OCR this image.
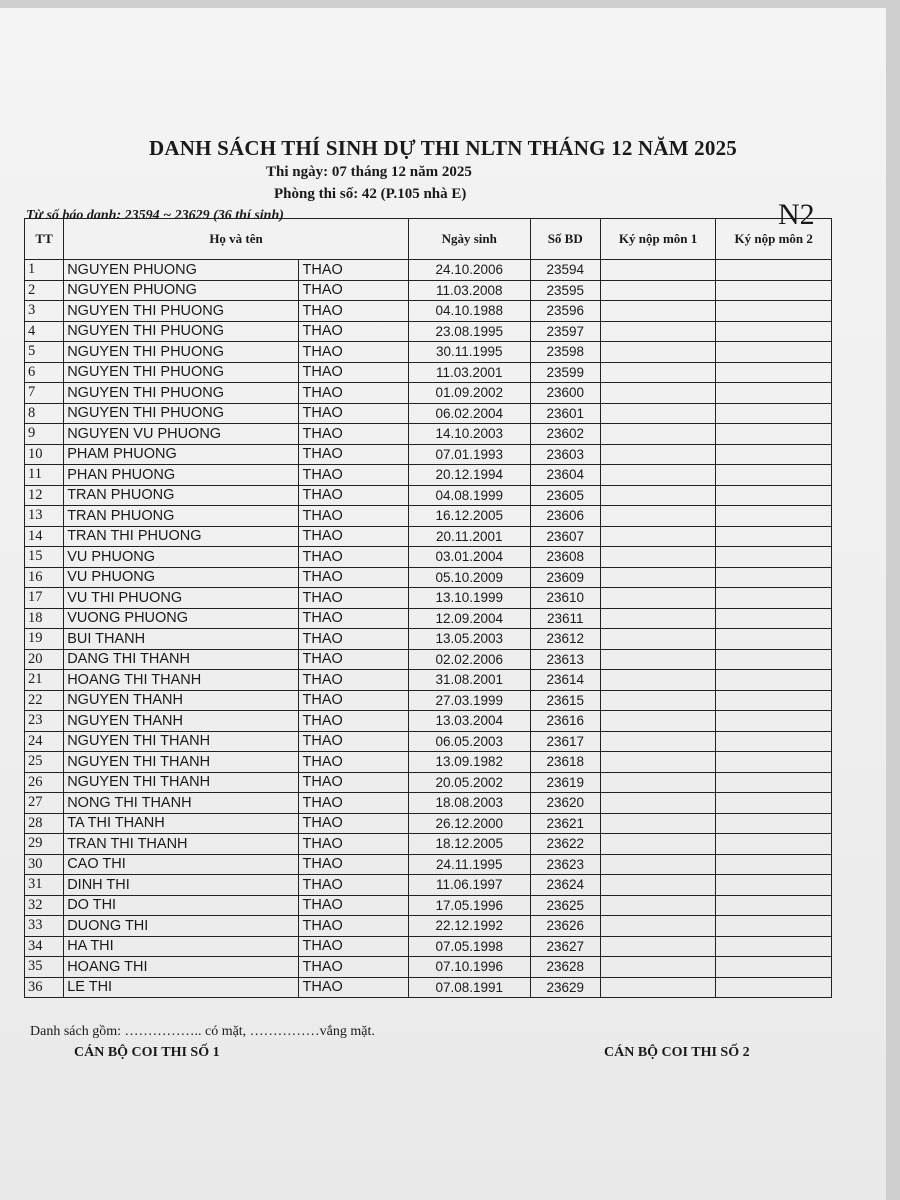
DANH SÁCH THÍ SINH DỰ THI NLTN THÁNG 12 NĂM 2025
Thi ngày: 07 tháng 12 năm 2025
Phòng thi số: 42 (P.105 nhà E)
Từ số báo danh: 23594 ~ 23629 (36 thí sinh)	N2
TT	Họ và tên		Ngày sinh	Số BD	Ký nộp môn 1	Ký nộp môn 2
1	NGUYEN PHUONG	THAO	24.10.2006	23594		
2	NGUYEN PHUONG	THAO	11.03.2008	23595		
3	NGUYEN THI PHUONG	THAO	04.10.1988	23596		
4	NGUYEN THI PHUONG	THAO	23.08.1995	23597		
5	NGUYEN THI PHUONG	THAO	30.11.1995	23598		
6	NGUYEN THI PHUONG	THAO	11.03.2001	23599		
7	NGUYEN THI PHUONG	THAO	01.09.2002	23600		
8	NGUYEN THI PHUONG	THAO	06.02.2004	23601		
9	NGUYEN VU PHUONG	THAO	14.10.2003	23602		
10	PHAM PHUONG	THAO	07.01.1993	23603		
11	PHAN PHUONG	THAO	20.12.1994	23604		
12	TRAN PHUONG	THAO	04.08.1999	23605		
13	TRAN PHUONG	THAO	16.12.2005	23606		
14	TRAN THI PHUONG	THAO	20.11.2001	23607		
15	VU PHUONG	THAO	03.01.2004	23608		
16	VU PHUONG	THAO	05.10.2009	23609		
17	VU THI PHUONG	THAO	13.10.1999	23610		
18	VUONG PHUONG	THAO	12.09.2004	23611		
19	BUI THANH	THAO	13.05.2003	23612		
20	DANG THI THANH	THAO	02.02.2006	23613		
21	HOANG THI THANH	THAO	31.08.2001	23614		
22	NGUYEN THANH	THAO	27.03.1999	23615		
23	NGUYEN THANH	THAO	13.03.2004	23616		
24	NGUYEN THI THANH	THAO	06.05.2003	23617		
25	NGUYEN THI THANH	THAO	13.09.1982	23618		
26	NGUYEN THI THANH	THAO	20.05.2002	23619		
27	NONG THI THANH	THAO	18.08.2003	23620		
28	TA THI THANH	THAO	26.12.2000	23621		
29	TRAN THI THANH	THAO	18.12.2005	23622		
30	CAO THI	THAO	24.11.1995	23623		
31	DINH THI	THAO	11.06.1997	23624		
32	DO THI	THAO	17.05.1996	23625		
33	DUONG THI	THAO	22.12.1992	23626		
34	HA THI	THAO	07.05.1998	23627		
35	HOANG THI	THAO	07.10.1996	23628		
36	LE THI	THAO	07.08.1991	23629		
Danh sách gồm: …………….. có mặt, ……………vắng mặt.
CÁN BỘ COI THI SỐ 1	CÁN BỘ COI THI SỐ 2
